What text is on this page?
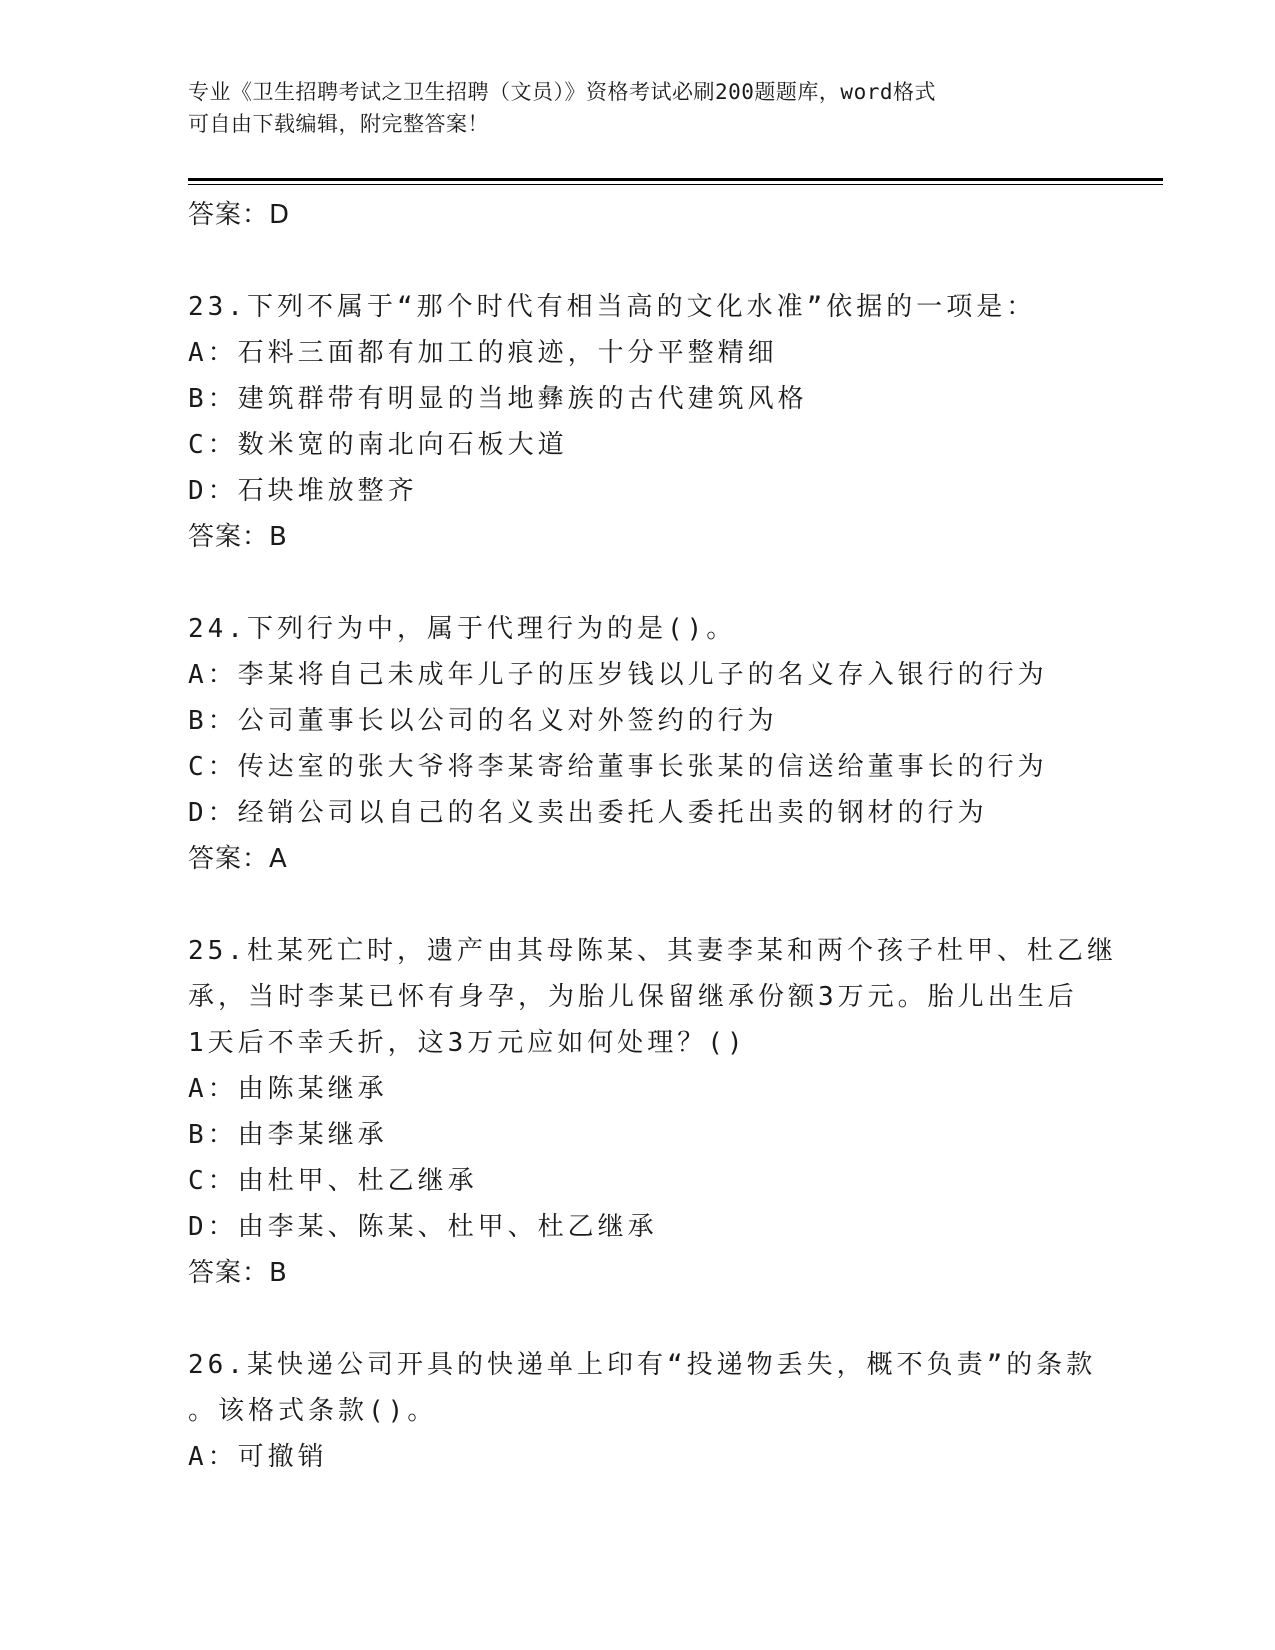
专业《卫生招聘考试之卫生招聘（文员）》资格考试必刷200题题库，word格式
可自由下载编辑，附完整答案！
答案：D
23.下列不属于“那个时代有相当高的文化水准”依据的一项是：
A：石料三面都有加工的痕迹，十分平整精细
B：建筑群带有明显的当地彝族的古代建筑风格
C：数米宽的南北向石板大道
D：石块堆放整齐
答案：B
24.下列行为中，属于代理行为的是()。
A：李某将自己未成年儿子的压岁钱以儿子的名义存入银行的行为
B：公司董事长以公司的名义对外签约的行为
C：传达室的张大爷将李某寄给董事长张某的信送给董事长的行为
D：经销公司以自己的名义卖出委托人委托出卖的钢材的行为
答案：A
25.杜某死亡时，遗产由其母陈某、其妻李某和两个孩子杜甲、杜乙继
承，当时李某已怀有身孕，为胎儿保留继承份额3万元。胎儿出生后
1天后不幸夭折，这3万元应如何处理？()
A：由陈某继承
B：由李某继承
C：由杜甲、杜乙继承
D：由李某、陈某、杜甲、杜乙继承
答案：B
26.某快递公司开具的快递单上印有“投递物丢失，概不负责”的条款
。该格式条款()。
A：可撤销
